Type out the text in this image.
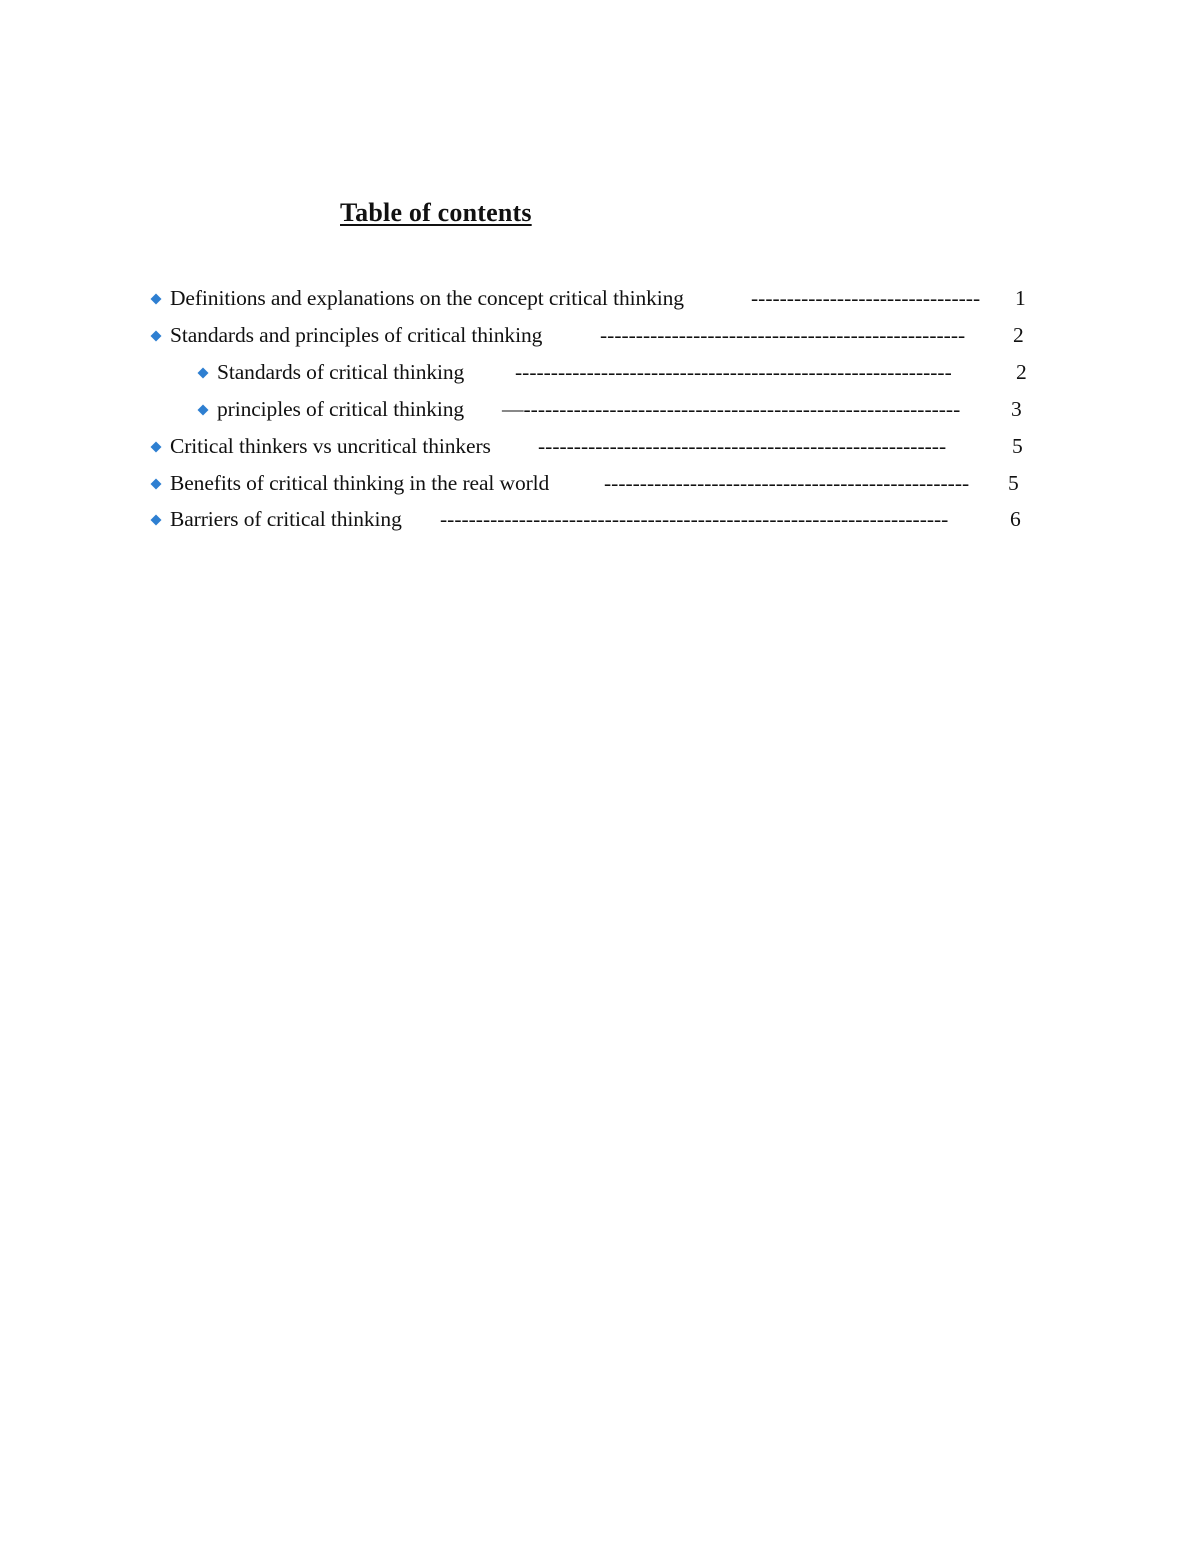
Table of contents
Definitions and explanations on the concept critical thinking	-------------------------------- 1
Standards and principles of critical thinking	--------------------------------------------------- 2
Standards of critical thinking -------------------------------------------------------------	2
principles of critical thinking —------------------------------------------------------------- 3
Critical thinkers vs uncritical thinkers ---------------------------------------------------------	5
Benefits of critical thinking in the real world	--------------------------------------------------- 5
Barriers of critical thinking -----------------------------------------------------------------------	6
